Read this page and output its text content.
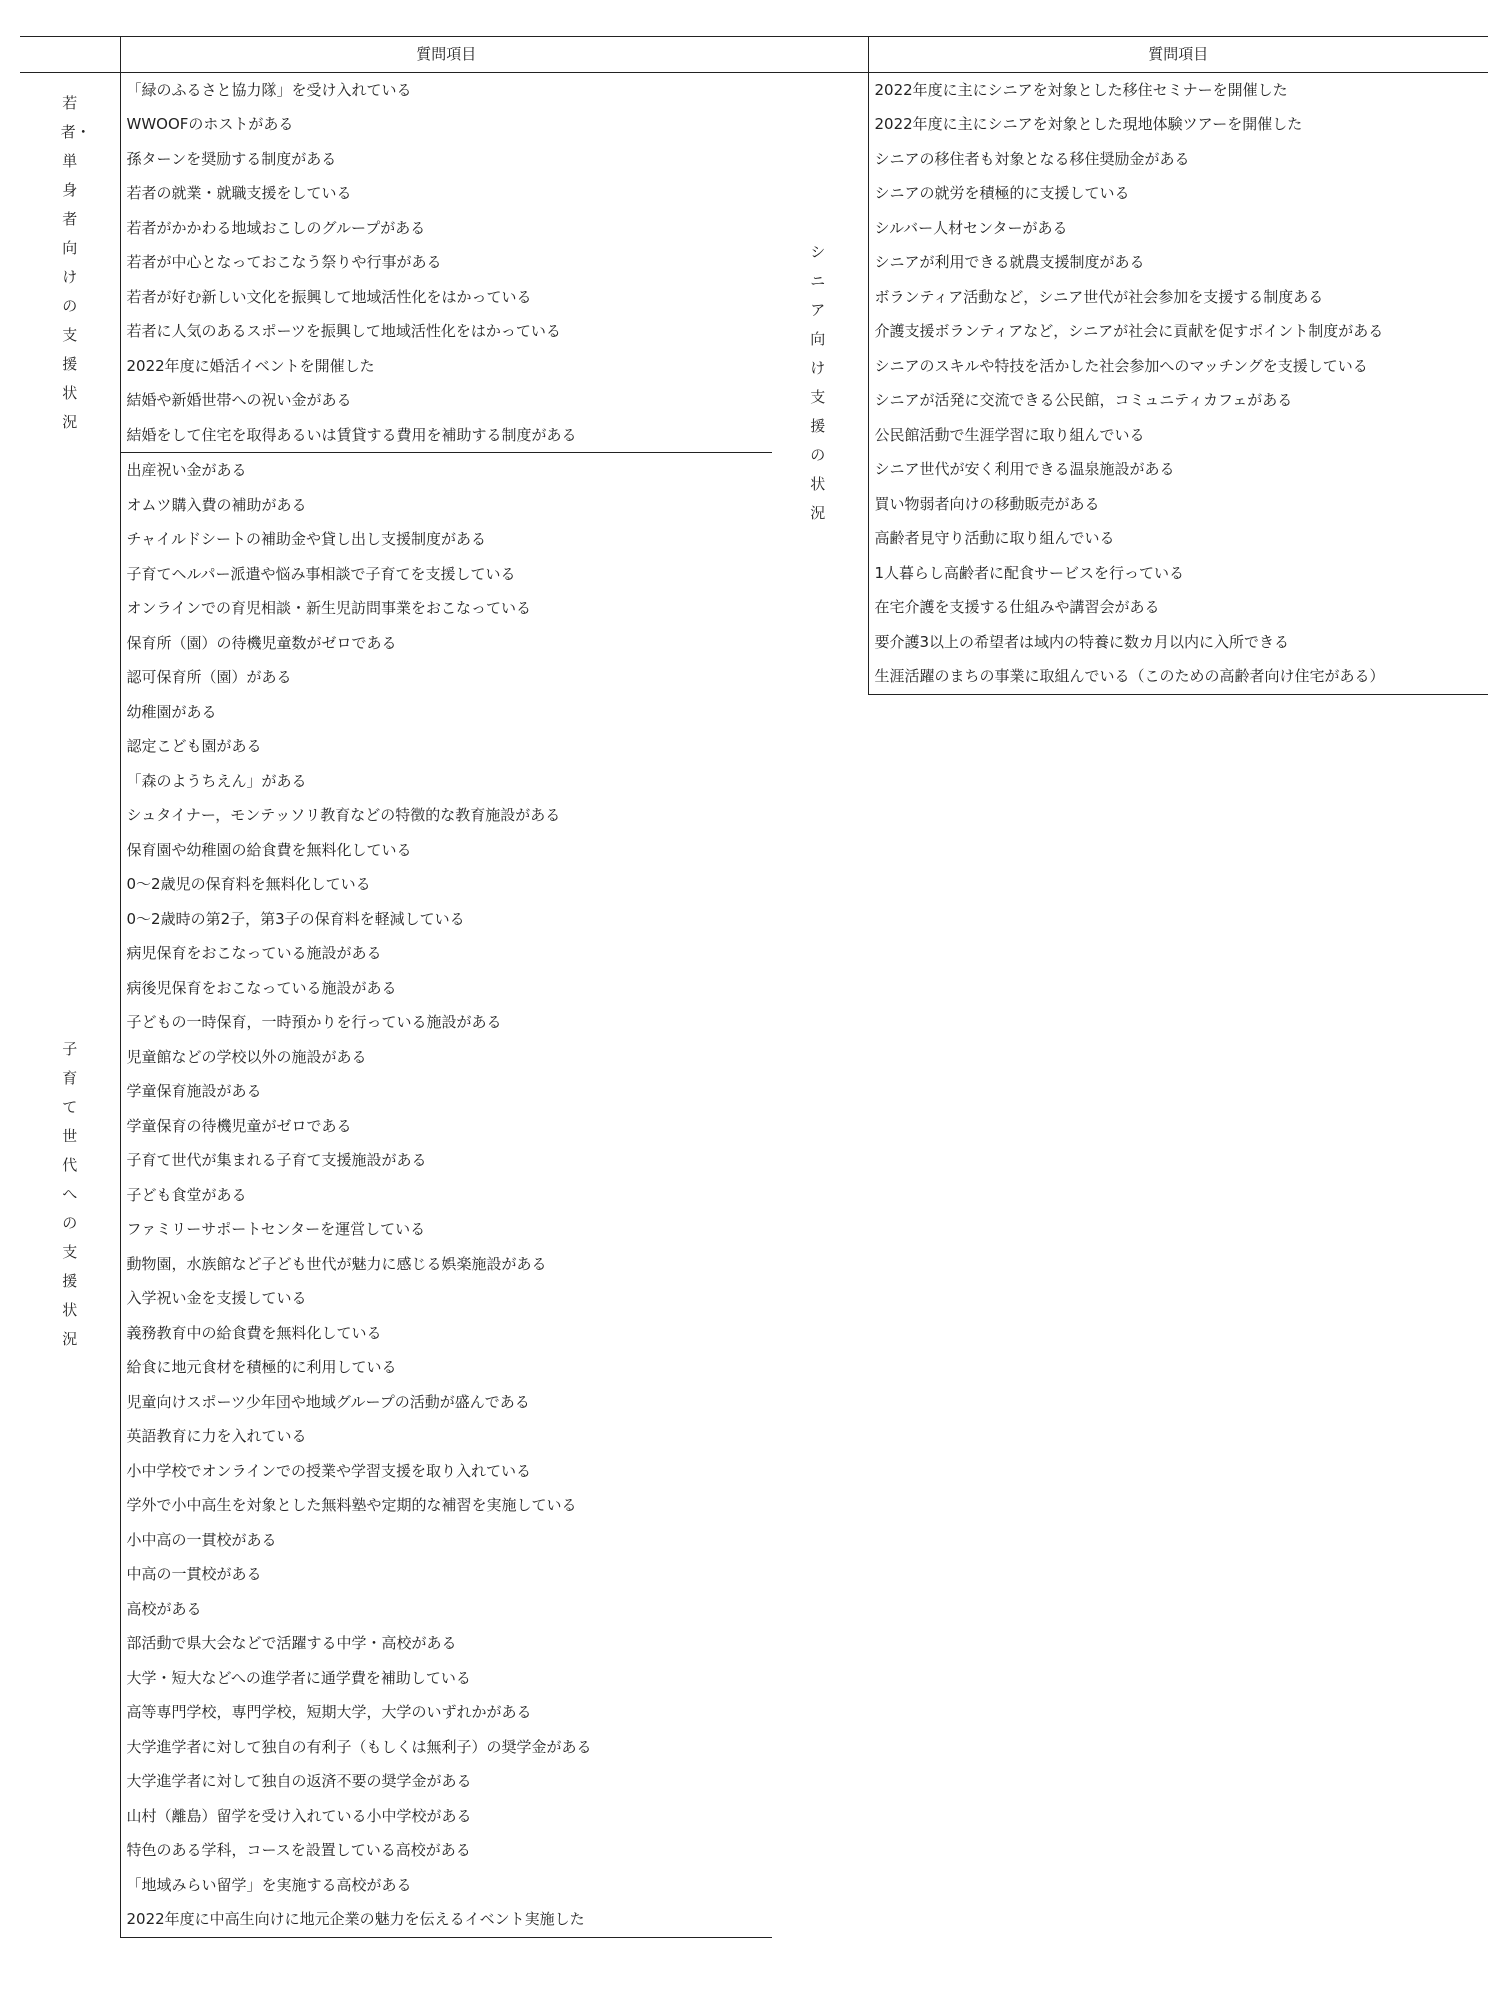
	質問項目
若者・単身者向けの支援状況	「緑のふるさと協力隊」を受け入れている
	WWOOFのホストがある
	孫ターンを奨励する制度がある
	若者の就業・就職支援をしている
	若者がかかわる地域おこしのグループがある
	若者が中心となっておこなう祭りや行事がある
	若者が好む新しい文化を振興して地域活性化をはかっている
	若者に人気のあるスポーツを振興して地域活性化をはかっている
	2022年度に婚活イベントを開催した
	結婚や新婚世帯への祝い金がある
	結婚をして住宅を取得あるいは賃貸する費用を補助する制度がある
子育て世代への支援状況	出産祝い金がある
	オムツ購入費の補助がある
	チャイルドシートの補助金や貸し出し支援制度がある
	子育てヘルパー派遣や悩み事相談で子育てを支援している
	オンラインでの育児相談・新生児訪問事業をおこなっている
	保育所（園）の待機児童数がゼロである
	認可保育所（園）がある
	幼稚園がある
	認定こども園がある
	「森のようちえん」がある
	シュタイナー，モンテッソリ教育などの特徴的な教育施設がある
	保育園や幼稚園の給食費を無料化している
	0～2歳児の保育料を無料化している
	0～2歳時の第2子，第3子の保育料を軽減している
	病児保育をおこなっている施設がある
	病後児保育をおこなっている施設がある
	子どもの一時保育，一時預かりを行っている施設がある
	児童館などの学校以外の施設がある
	学童保育施設がある
	学童保育の待機児童がゼロである
	子育て世代が集まれる子育て支援施設がある
	子ども食堂がある
	ファミリーサポートセンターを運営している
	動物園，水族館など子ども世代が魅力に感じる娯楽施設がある
	入学祝い金を支援している
	義務教育中の給食費を無料化している
	給食に地元食材を積極的に利用している
	児童向けスポーツ少年団や地域グループの活動が盛んである
	英語教育に力を入れている
	小中学校でオンラインでの授業や学習支援を取り入れている
	学外で小中高生を対象とした無料塾や定期的な補習を実施している
	小中高の一貫校がある
	中高の一貫校がある
	高校がある
	部活動で県大会などで活躍する中学・高校がある
	大学・短大などへの進学者に通学費を補助している
	高等専門学校，専門学校，短期大学，大学のいずれかがある
	大学進学者に対して独自の有利子（もしくは無利子）の奨学金がある
	大学進学者に対して独自の返済不要の奨学金がある
	山村（離島）留学を受け入れている小中学校がある
	特色のある学科，コースを設置している高校がある
	「地域みらい留学」を実施する高校がある
	2022年度に中高生向けに地元企業の魅力を伝えるイベント実施した
	質問項目
シニア向け支援の状況	2022年度に主にシニアを対象とした移住セミナーを開催した
	2022年度に主にシニアを対象とした現地体験ツアーを開催した
	シニアの移住者も対象となる移住奨励金がある
	シニアの就労を積極的に支援している
	シルバー人材センターがある
	シニアが利用できる就農支援制度がある
	ボランティア活動など，シニア世代が社会参加を支援する制度ある
	介護支援ボランティアなど，シニアが社会に貢献を促すポイント制度がある
	シニアのスキルや特技を活かした社会参加へのマッチングを支援している
	シニアが活発に交流できる公民館，コミュニティカフェがある
	公民館活動で生涯学習に取り組んでいる
	シニア世代が安く利用できる温泉施設がある
	買い物弱者向けの移動販売がある
	高齢者見守り活動に取り組んでいる
	1人暮らし高齢者に配食サービスを行っている
	在宅介護を支援する仕組みや講習会がある
	要介護3以上の希望者は域内の特養に数カ月以内に入所できる
	生涯活躍のまちの事業に取組んでいる（このための高齢者向け住宅がある）
